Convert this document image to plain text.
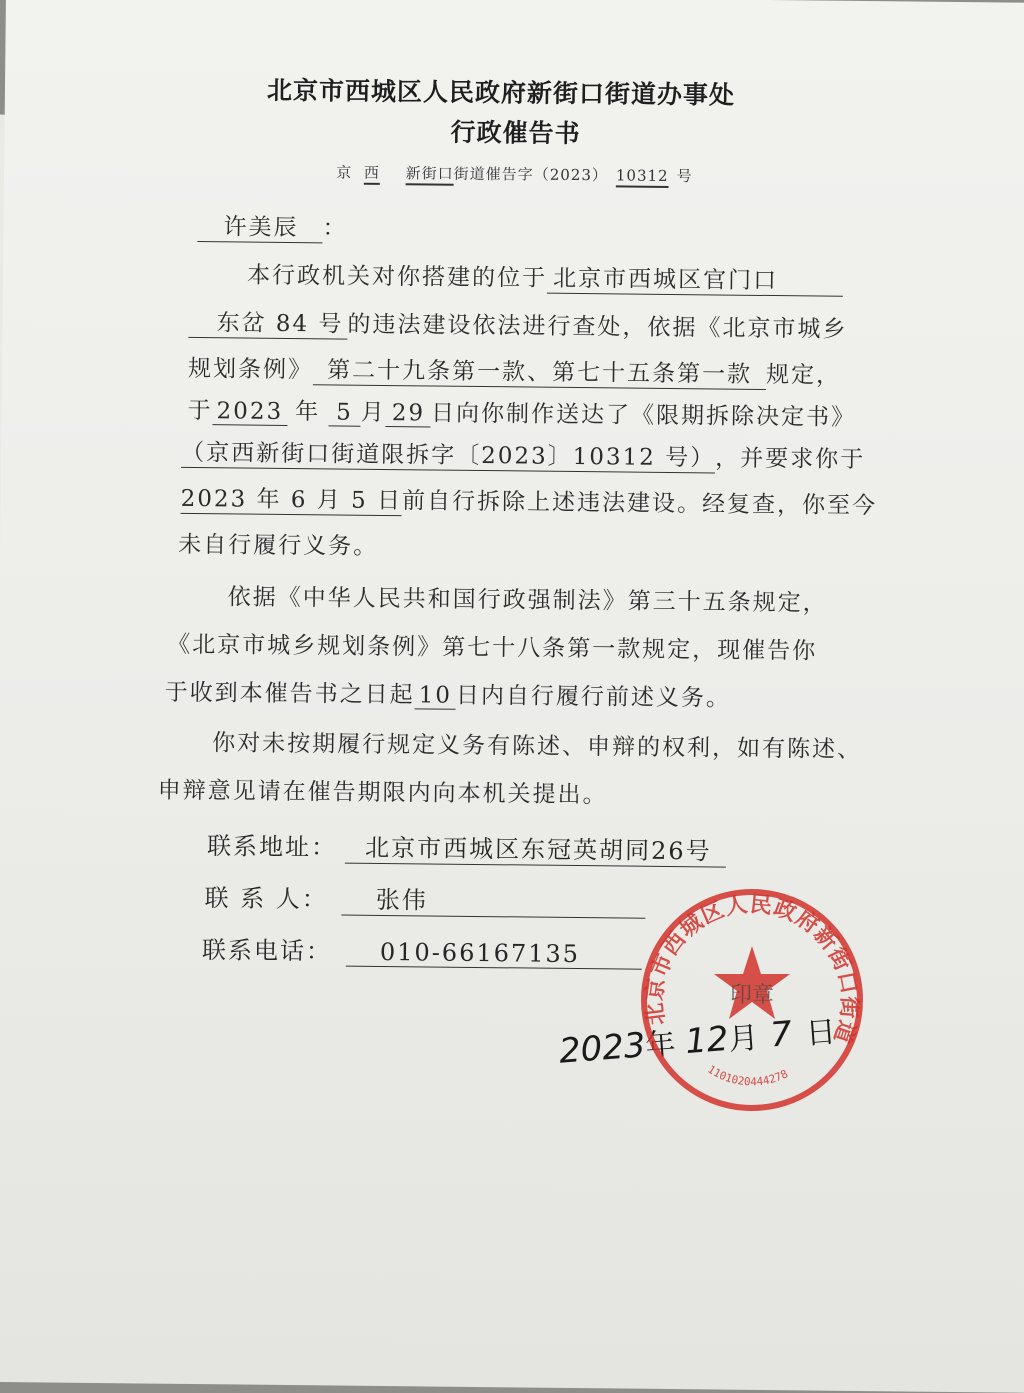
北京市西城区人民政府新街口街道办事处
行政催告书
京 西 新街口街道催告字（2023） 10312 号
许美辰 ：
本行政机关对你搭建的位于 北京市西城区官门口
东岔 84 号 的违法建设依法进行查处，依据《北京市城乡
规划条例》 第二十九条第一款、第七十五条第一款 规定，
于 2023 年 5 月 29 日向你制作送达了《限期拆除决定书》
（京西新街口街道限拆字〔2023〕10312 号），并要求你于
2023 年 6 月 5 日前自行拆除上述违法建设。经复查，你至今
未自行履行义务。
依据《中华人民共和国行政强制法》第三十五条规定，
《北京市城乡规划条例》第七十八条第一款规定，现催告你
于收到本催告书之日起 10 日内自行履行前述义务。
你对未按期履行规定义务有陈述、申辩的权利，如有陈述、
申辩意见请在催告期限内向本机关提出。
联系地址： 北京市西城区东冠英胡同26号
联 系 人： 张伟
联系电话： 010-66167135
2023年 12月 7 日
北京市西城区人民政府新街口街道
印章
1101020444278
